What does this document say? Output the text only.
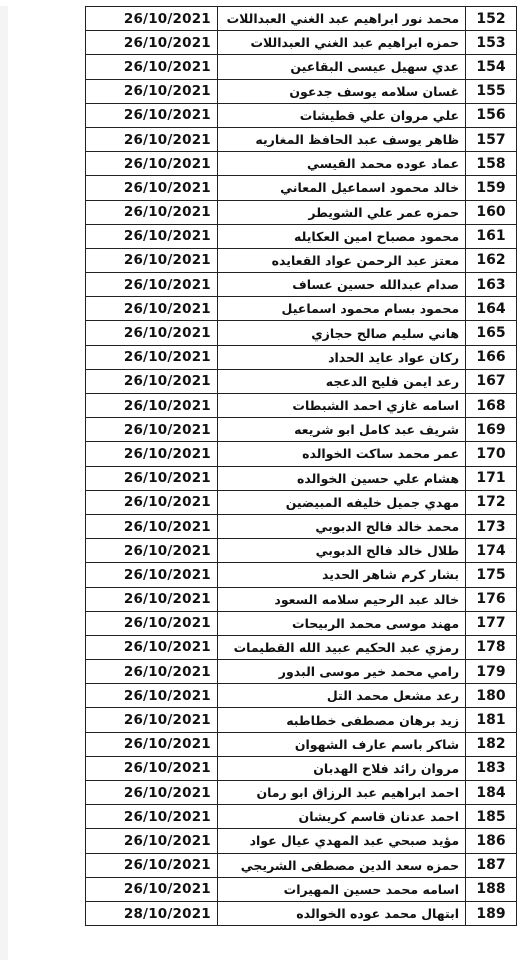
26/10/2021	محمد نور ابراهيم عبد الغني العبداللات	152
26/10/2021	حمزه ابراهيم عبد الغني العبداللات	153
26/10/2021	عدي سهيل عيسى البقاعين	154
26/10/2021	غسان سلامه يوسف جدعون	155
26/10/2021	علي مروان علي قطيشات	156
26/10/2021	ظاهر يوسف عبد الحافظ المغاريه	157
26/10/2021	عماد عوده محمد القيسي	158
26/10/2021	خالد محمود اسماعيل المعاني	159
26/10/2021	حمزه عمر علي الشويطر	160
26/10/2021	محمود مصباح امين العكايله	161
26/10/2021	معتز عبد الرحمن عواد القعايده	162
26/10/2021	صدام عبدالله حسين عساف	163
26/10/2021	محمود بسام محمود اسماعيل	164
26/10/2021	هاني سليم صالح حجازي	165
26/10/2021	ركان عواد عايد الحداد	166
26/10/2021	رعد ايمن فليح الدعجه	167
26/10/2021	اسامه غازي احمد الشبطات	168
26/10/2021	شريف عبد كامل ابو شريعه	169
26/10/2021	عمر محمد ساكت الخوالده	170
26/10/2021	هشام علي حسين الخوالده	171
26/10/2021	مهدي جميل خليفه المبيضين	172
26/10/2021	محمد خالد فالح الدبوبي	173
26/10/2021	طلال خالد فالح الدبوبي	174
26/10/2021	بشار كرم شاهر الحديد	175
26/10/2021	خالد عبد الرحيم سلامه السعود	176
26/10/2021	مهند موسى محمد الربيحات	177
26/10/2021	رمزي عبد الحكيم عبيد الله القطيمات	178
26/10/2021	رامي محمد خير موسى البدور	179
26/10/2021	رعد مشعل محمد التل	180
26/10/2021	زيد برهان مصطفى خطاطبه	181
26/10/2021	شاكر باسم عارف الشهوان	182
26/10/2021	مروان رائد فلاح الهدبان	183
26/10/2021	احمد ابراهيم عبد الرزاق ابو رمان	184
26/10/2021	احمد عدنان قاسم كريشان	185
26/10/2021	مؤيد صبحي عبد المهدي عيال عواد	186
26/10/2021	حمزه سعد الدين مصطفى الشريجي	187
26/10/2021	اسامه محمد حسين المهيرات	188
28/10/2021	ابتهال محمد عوده الخوالده	189
